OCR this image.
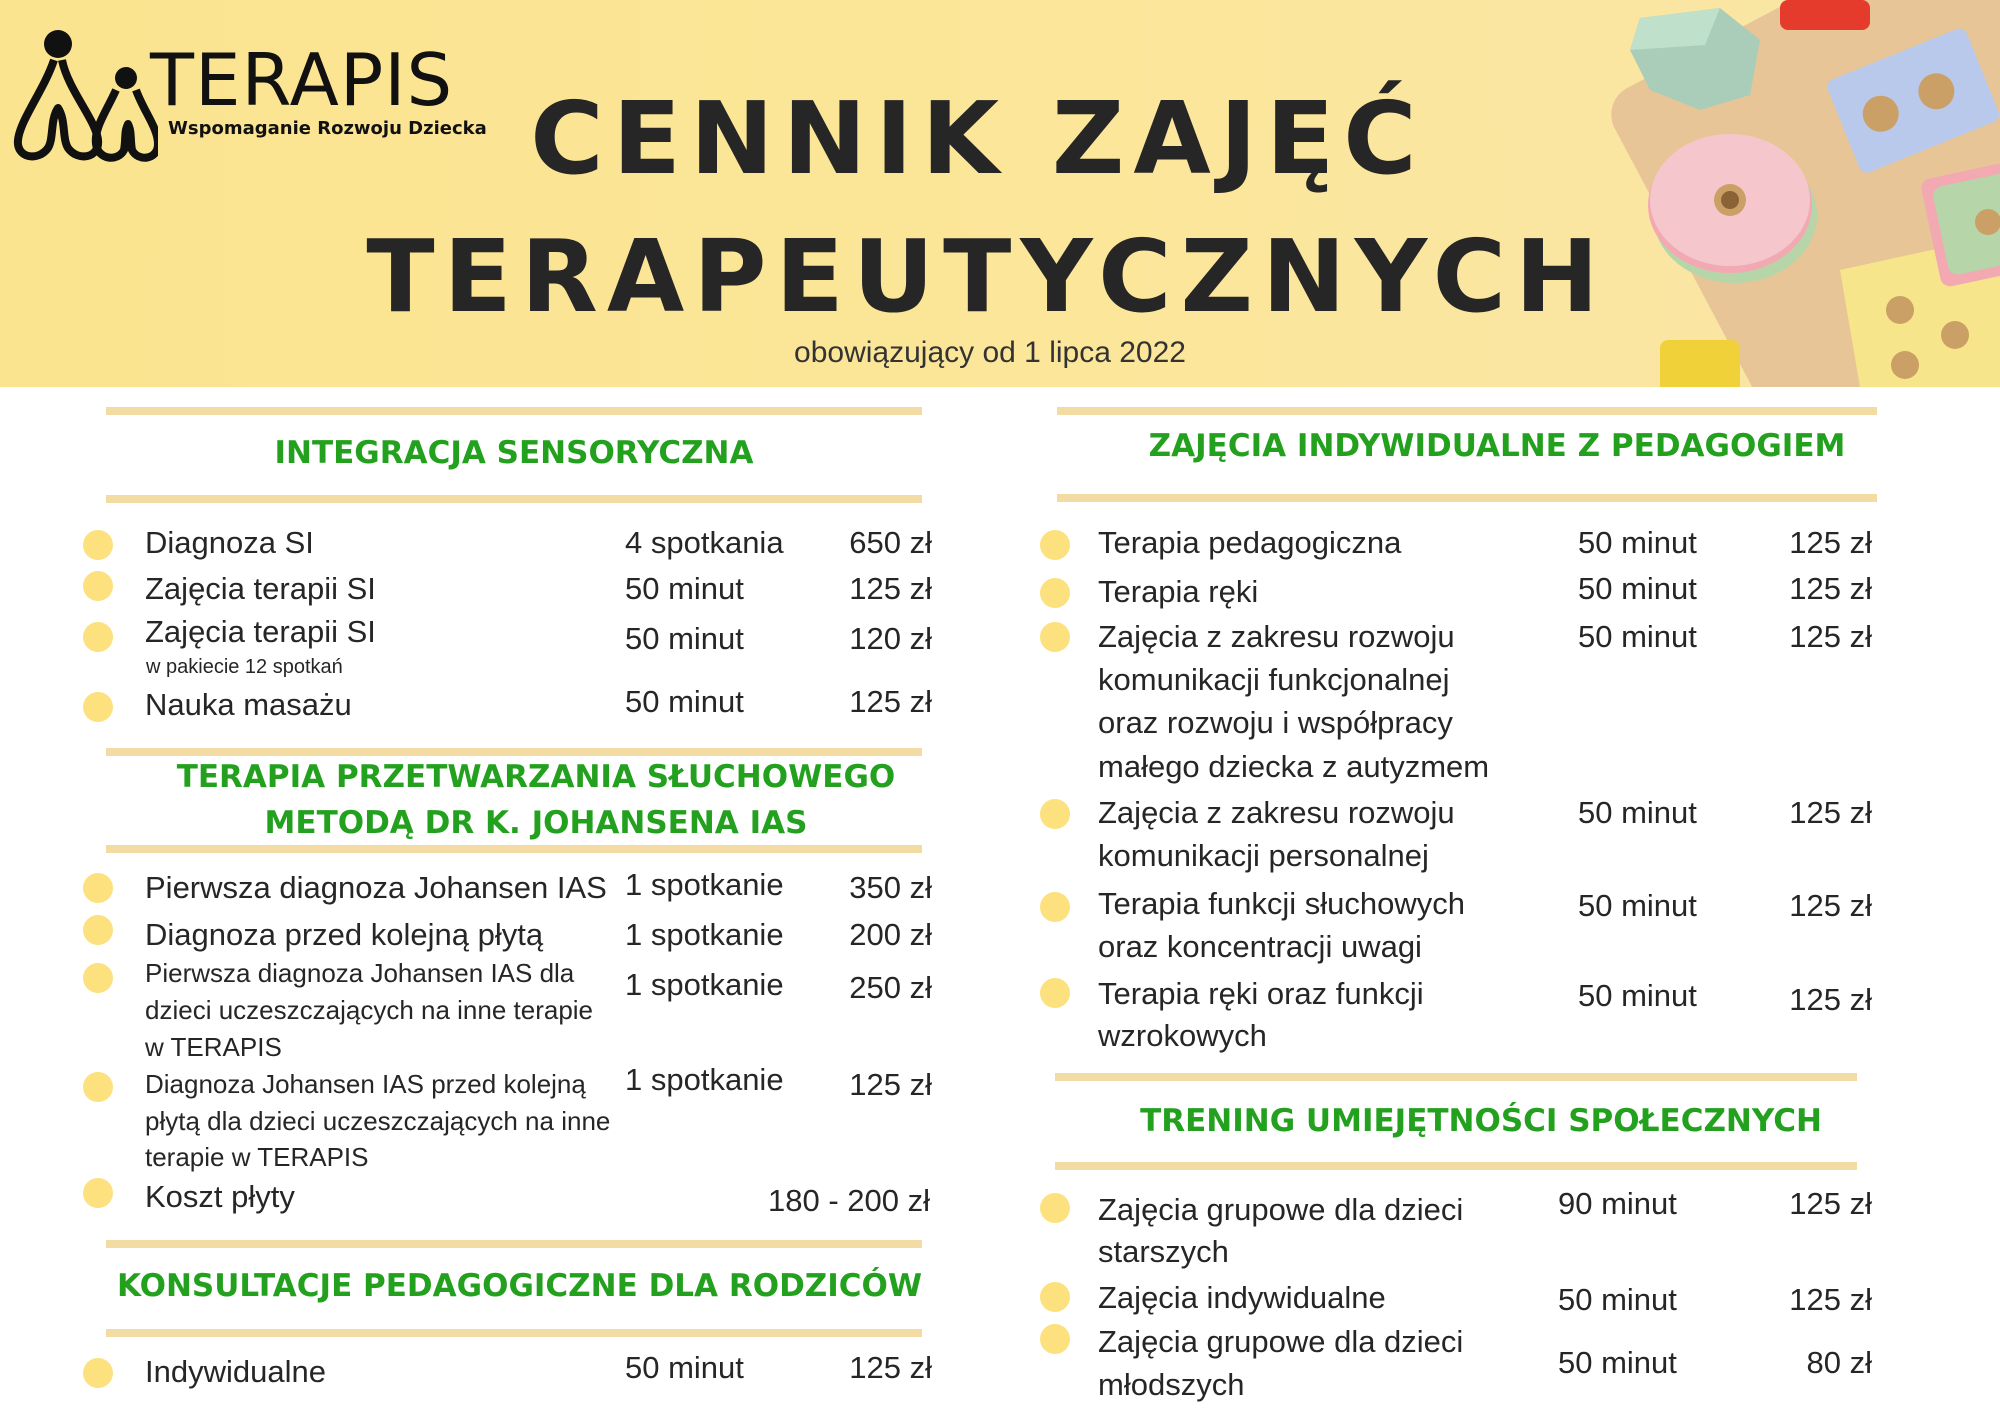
TERAPIS
Wspomaganie Rozwoju Dziecka CENNIK ZAJĘĆ
TERAPEUTYCZNYCH
obowiązujący od 1 lipca 2022
INTEGRACJA SENSORYCZNA
Diagnoza SI	4 spotkania	650 zł
Zajęcia terapii SI	50 minut	125 zł
Zajęcia terapii SI
w pakiecie 12 spotkań
50 minut	120 zł
Nauka masażu	50 minut	125 zł
TERAPIA PRZETWARZANIA SŁUCHOWEGO
METODĄ DR K. JOHANSENA IAS
Pierwsza diagnoza Johansen IAS 1 spotkanie	350 zł
Diagnoza przed kolejną płytą	1 spotkanie	200 zł
Pierwsza diagnoza Johansen IAS dla
dzieci uczeszczających na inne terapie
w TERAPIS
1 spotkanie	250 zł
Diagnoza Johansen IAS przed kolejną
płytą dla dzieci uczeszczających na inne
terapie w TERAPIS
1 spotkanie	125 zł
Koszt płyty	180 - 200 zł
KONSULTACJE PEDAGOGICZNE DLA RODZICÓW
Indywidualne	50 minut	125 zł
ZAJĘCIA INDYWIDUALNE Z PEDAGOGIEM
Terapia pedagogiczna	50 minut	125 zł
Terapia ręki	50 minut	125 zł
Zajęcia z zakresu rozwoju
komunikacji funkcjonalnej
oraz rozwoju i współpracy
małego dziecka z autyzmem
50 minut	125 zł
Zajęcia z zakresu rozwoju
komunikacji personalnej
50 minut	125 zł
Terapia funkcji słuchowych
oraz koncentracji uwagi
50 minut	125 zł
Terapia ręki oraz funkcji
wzrokowych
50 minut	125 zł
TRENING UMIEJĘTNOŚCI SPOŁECZNYCH
Zajęcia grupowe dla dzieci
starszych
90 minut	125 zł
Zajęcia indywidualne	50 minut	125 zł
Zajęcia grupowe dla dzieci
młodszych
50 minut	80 zł
